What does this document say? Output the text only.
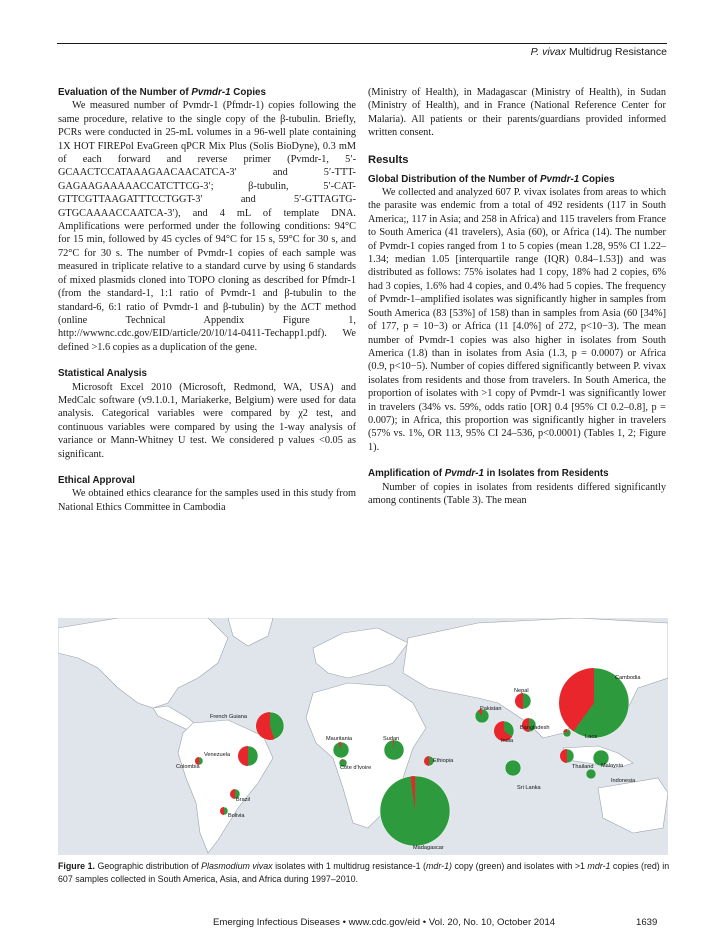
P. vivax Multidrug Resistance
Evaluation of the Number of Pvmdr-1 Copies

We measured number of Pvmdr-1 (Pfmdr-1) copies following the same procedure, relative to the single copy of the β-tubulin. Briefly, PCRs were conducted in 25-mL volumes in a 96-well plate containing 1X HOT FIREPol EvaGreen qPCR Mix Plus (Solis BioDyne), 0.3 mM of each forward and reverse primer (Pvmdr-1, 5′-GCAACTCCATAAAGAACAACATCA-3′ and 5′-TTT-GAGAAGAAAAACCATCTTCG-3′; β-tubulin, 5′-CAT-GTTCGTTAAGATTTCCTGGT-3′ and 5′-GTTAGTG-GTGCAAAACCAATCA-3′), and 4 mL of template DNA. Amplifications were performed under the following conditions: 94°C for 15 min, followed by 45 cycles of 94°C for 15 s, 59°C for 30 s, and 72°C for 30 s. The number of Pvmdr-1 copies of each sample was measured in triplicate relative to a standard curve by using 6 standards of mixed plasmids cloned into TOPO cloning as described for Pfmdr-1 (from the standard-1, 1:1 ratio of Pvmdr-1 and β-tubulin to the standard-6, 6:1 ratio of Pvmdr-1 and β-tubulin) by the ΔCT method (online Technical Appendix Figure 1, http://wwwnc.cdc.gov/EID/article/20/10/14-0411-Techapp1.pdf). We defined >1.6 copies as a duplication of the gene.

Statistical Analysis

Microsoft Excel 2010 (Microsoft, Redmond, WA, USA) and MedCalc software (v9.1.0.1, Mariakerke, Belgium) were used for data analysis. Categorical variables were compared by χ2 test, and continuous variables were compared by using the 1-way analysis of variance or Mann-Whitney U test. We considered p values <0.05 as significant.

Ethical Approval

We obtained ethics clearance for the samples used in this study from National Ethics Committee in Cambodia

(Ministry of Health), in Madagascar (Ministry of Health), in Sudan (Ministry of Health), and in France (National Reference Center for Malaria). All patients or their parents/guardians provided informed written consent.

Results
Global Distribution of the Number of Pvmdr-1 Copies

We collected and analyzed 607 P. vivax isolates from areas to which the parasite was endemic from a total of 492 residents (117 in South America;, 117 in Asia; and 258 in Africa) and 115 travelers from France to South America (41 travelers), Asia (60), or Africa (14). The number of Pvmdr-1 copies ranged from 1 to 5 copies (mean 1.28, 95% CI 1.22–1.34; median 1.05 [interquartile range (IQR) 0.84–1.53]) and was distributed as follows: 75% isolates had 1 copy, 18% had 2 copies, 6% had 3 copies, 1.6% had 4 copies, and 0.4% had 5 copies. The frequency of Pvmdr-1–amplified isolates was significantly higher in samples from South America (83 [53%] of 158) than in samples from Asia (60 [34%] of 177, p = 10−3) or Africa (11 [4.0%] of 272, p<10−3). The mean number of Pvmdr-1 copies was also higher in isolates from South America (1.8) than in isolates from Asia (1.3, p = 0.0007) or Africa (0.9, p<10−5). Number of copies differed significantly between P. vivax isolates from residents and those from travelers. In South America, the proportion of isolates with >1 copy of Pvmdr-1 was significantly lower in travelers (34% vs. 59%, odds ratio [OR] 0.4 [95% CI 0.2–0.8], p = 0.007); in Africa, this proportion was significantly higher in travelers (57% vs. 1%, OR 113, 95% CI 24–536, p<0.0001) (Tables 1, 2; Figure 1).

Amplification of Pvmdr-1 in Isolates from Residents

Number of copies in isolates from residents differed significantly among continents (Table 3). The mean

French Guiana
Venezuela
Colombia
Brazil
Bolivia
Mauritania
Côte d'Ivoire
Sudan
Ethiopia
Madagascar
Pakistan
Nepal
India
Bangladesh
Sri Lanka
Laos
Thailand Malaysia
Indonesia
Cambodia
Figure 1. Geographic distribution of Plasmodium vivax isolates with 1 multidrug resistance-1 (mdr-1) copy (green) and isolates with >1 mdr-1 copies (red) in 607 samples collected in South America, Asia, and Africa during 1997–2010.
Emerging Infectious Diseases • www.cdc.gov/eid • Vol. 20, No. 10, October 2014	1639
